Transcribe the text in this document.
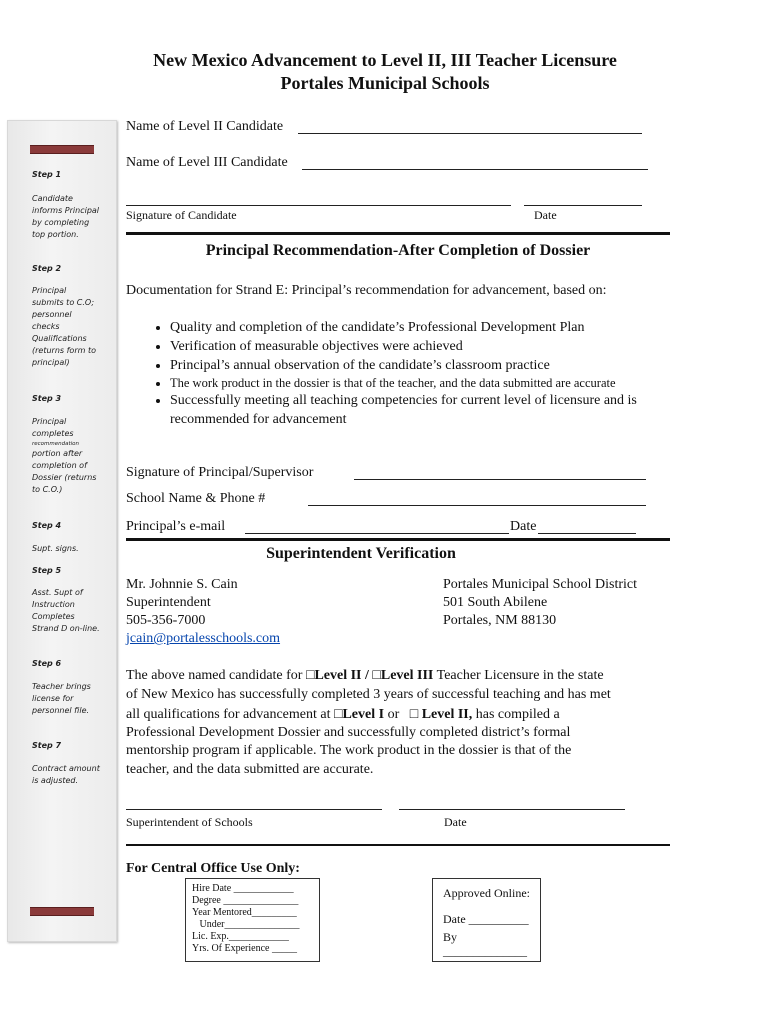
New Mexico Advancement to Level II, III Teacher Licensure
Portales Municipal Schools
Step 1
Candidate informs Principal by completing top portion.
Step 2
Principal submits to C.O; personnel checks Qualifications (returns form to principal)
Step 3
Principal completes
recommendation
portion after completion of Dossier (returns to C.O.)
Step 4
Supt. signs.
Step 5
Asst. Supt of Instruction Completes Strand D on-line.
Step 6
Teacher brings license for personnel file.
Step 7
Contract amount is adjusted.
Name of Level II Candidate
Name of Level III Candidate
Signature of Candidate	Date
Principal Recommendation-After Completion of Dossier
Documentation for Strand E: Principal’s recommendation for advancement, based on:
• Quality and completion of the candidate’s Professional Development Plan
• Verification of measurable objectives were achieved
• Principal’s annual observation of the candidate’s classroom practice
• The work product in the dossier is that of the teacher, and the data submitted are accurate
• Successfully meeting all teaching competencies for current level of licensure and is recommended for advancement
Signature of Principal/Supervisor
School Name & Phone #
Principal’s e-mail	Date
Superintendent Verification
Mr. Johnnie S. Cain
Superintendent
505-356-7000
jcain@portalesschools.com
Portales Municipal School District
501 South Abilene
Portales, NM 88130
The above named candidate for □Level II / □Level III Teacher Licensure in the state
of New Mexico has successfully completed 3 years of successful teaching and has met
all qualifications for advancement at □Level I or   □ Level II, has compiled a
Professional Development Dossier and successfully completed district’s formal
mentorship program if applicable. The work product in the dossier is that of the
teacher, and the data submitted are accurate.
Superintendent of Schools	Date
For Central Office Use Only:
Hire Date ____________
Degree _______________
Year Mentored_________
Under_______________
Lic. Exp.____________
Yrs. Of Experience _____
Approved Online:
Date __________
By ______________
